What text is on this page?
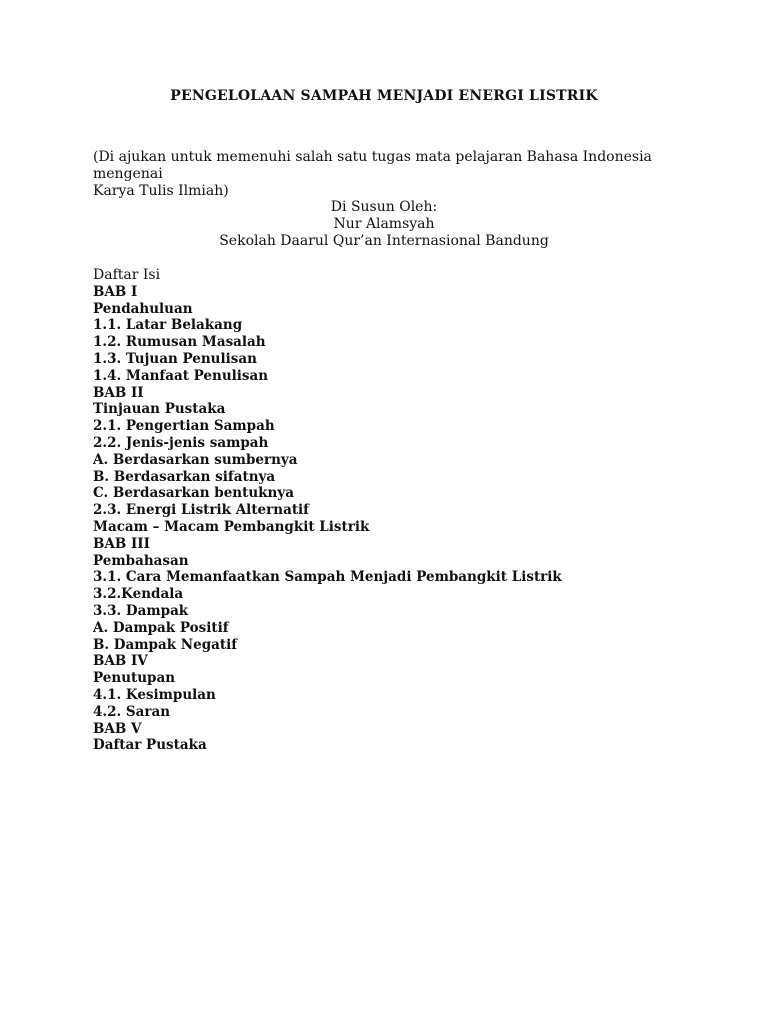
PENGELOLAAN SAMPAH MENJADI ENERGI LISTRIK
(Di ajukan untuk memenuhi salah satu tugas mata pelajaran Bahasa Indonesia mengenai
Karya Tulis Ilmiah)
Di Susun Oleh:
Nur Alamsyah
Sekolah Daarul Qur’an Internasional Bandung
Daftar Isi
BAB I
Pendahuluan
1.1. Latar Belakang
1.2. Rumusan Masalah
1.3. Tujuan Penulisan
1.4. Manfaat Penulisan
BAB II
Tinjauan Pustaka
2.1. Pengertian Sampah
2.2. Jenis-jenis sampah
A. Berdasarkan sumbernya
B. Berdasarkan sifatnya
C. Berdasarkan bentuknya
2.3. Energi Listrik Alternatif
Macam – Macam Pembangkit Listrik
BAB III
Pembahasan
3.1. Cara Memanfaatkan Sampah Menjadi Pembangkit Listrik
3.2.Kendala
3.3. Dampak
A. Dampak Positif
B. Dampak Negatif
BAB IV
Penutupan
4.1. Kesimpulan
4.2. Saran
BAB V
Daftar Pustaka
